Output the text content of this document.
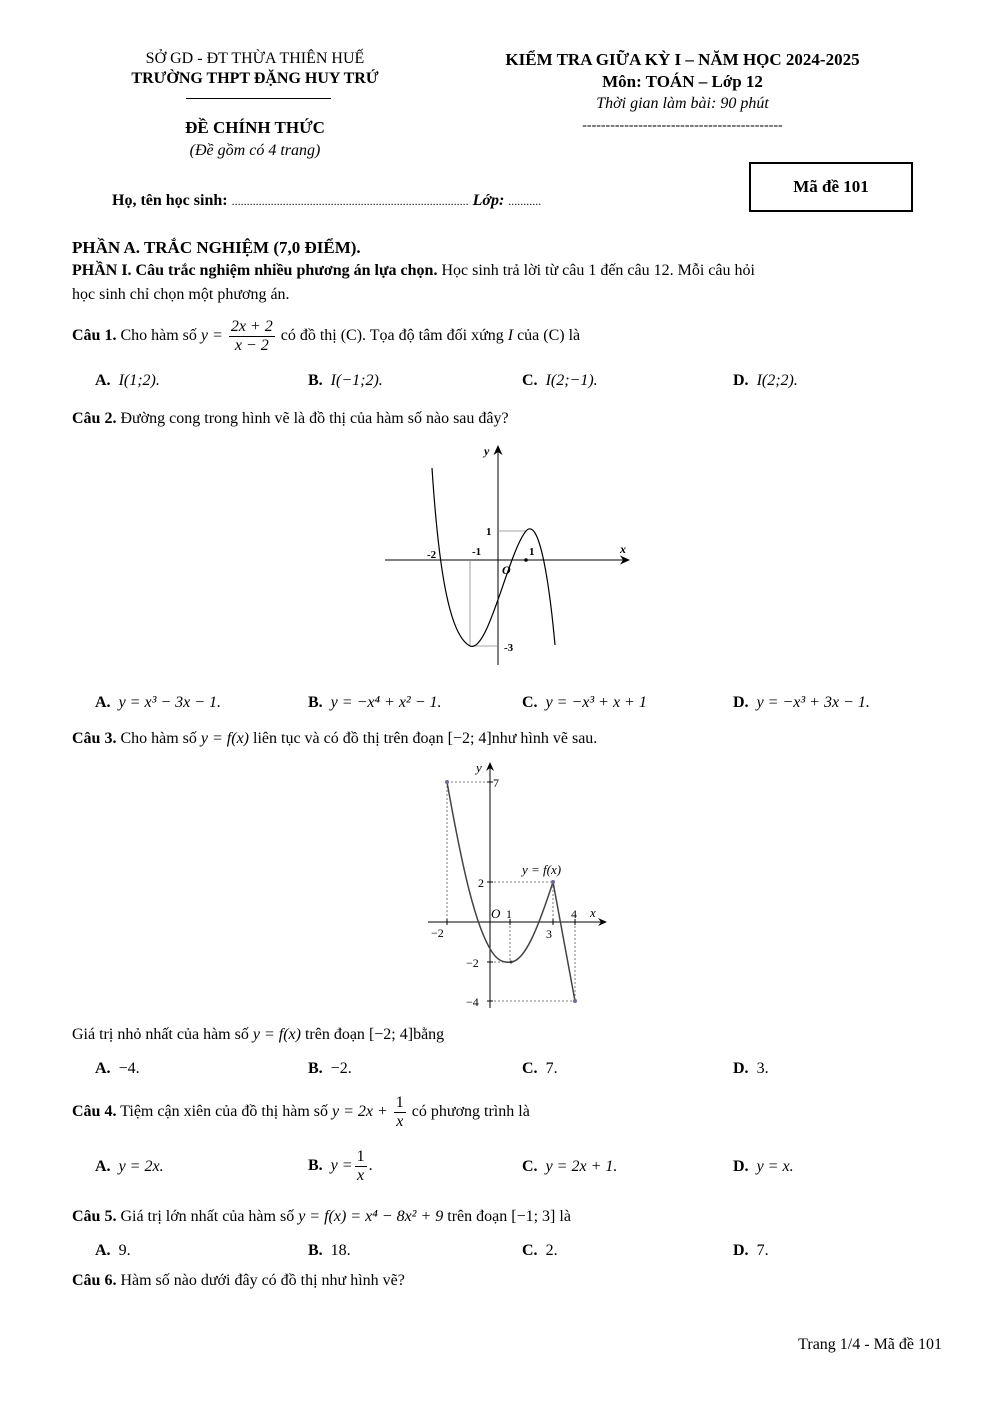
SỞ GD - ĐT THỪA THIÊN HUẾ
TRƯỜNG THPT ĐẶNG HUY TRỨ
ĐỀ CHÍNH THỨC
(Đề gồm có 4 trang)
KIỂM TRA GIỮA KỲ I – NĂM HỌC 2024-2025
Môn: TOÁN – Lớp 12
Thời gian làm bài: 90 phút
-------------------------------------------
Họ, tên học sinh: ............................................................................... Lớp: ...........
Mã đề 101
PHẦN A. TRẮC NGHIỆM (7,0 ĐIỂM).
PHẦN I. Câu trắc nghiệm nhiều phương án lựa chọn. Học sinh trả lời từ câu 1 đến câu 12. Mỗi câu hỏi
học sinh chỉ chọn một phương án.
Câu 1. Cho hàm số $y = \frac{2x + 2}{x - 2}$ có đồ thị (C). Tọa độ tâm đối xứng I của (C) là
A. I(1;2).	B. I(−1;2).	C. I(2;−1).	D. I(2;2).
Câu 2. Đường cong trong hình vẽ là đồ thị của hàm số nào sau đây?
y
x
O
-2	-1	1
1
-3
A. y = x³ − 3x − 1.	B. y = −x⁴ + x² − 1.	C. y = −x³ + x + 1	D. y = −x³ + 3x − 1.
Câu 3. Cho hàm số y = f(x) liên tục và có đồ thị trên đoạn [−2; 4]như hình vẽ sau.
y
x
O
y = f(x)
7
2
−2
−4
−2
1
3
4
Giá trị nhỏ nhất của hàm số y = f(x) trên đoạn [−2; 4]bằng
A. −4.	B. −2.	C. 7.	D. 3.
Câu 4. Tiệm cận xiên của đồ thị hàm số $y = 2x + \frac{1}{x}$ có phương trình là
A. y = 2x.	B. $y = \frac{1}{x}$ .	C. y = 2x + 1.	D. y = x.
Câu 5. Giá trị lớn nhất của hàm số y = f(x) = x⁴ − 8x² + 9 trên đoạn [−1; 3] là
A. 9.	B. 18.	C. 2.	D. 7.
Câu 6. Hàm số nào dưới đây có đồ thị như hình vẽ?
Trang 1/4 - Mã đề 101
